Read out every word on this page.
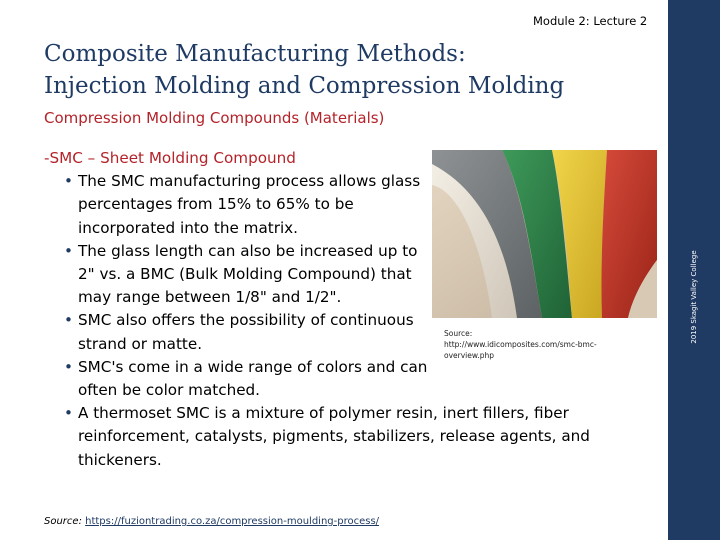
Module 2: Lecture 2
Composite Manufacturing Methods:
Injection Molding and Compression Molding
Compression Molding Compounds (Materials)
Source:
http://www.idicomposites.com/smc-bmc-overview.php
-SMC – Sheet Molding Compound
• The SMC manufacturing process allows glass percentages from 15% to 65% to be incorporated into the matrix.
• The glass length can also be increased up to 2" vs. a BMC (Bulk Molding Compound) that may range between 1/8" and 1/2".
• SMC also offers the possibility of continuous strand or matte.
• SMC's come in a wide range of colors and can often be color matched.
• A thermoset SMC is a mixture of polymer resin, inert fillers, fiber reinforcement, catalysts, pigments, stabilizers, release agents, and thickeners.
Source: https://fuziontrading.co.za/compression-moulding-process/
2019 Skagit Valley College
